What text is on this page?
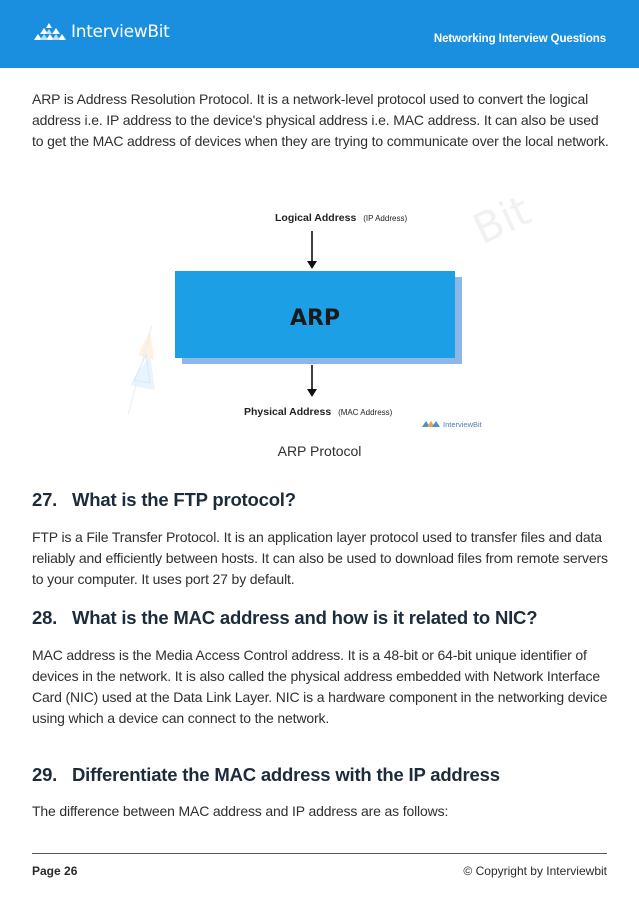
InterviewBit	Networking Interview Questions

ARP is Address Resolution Protocol. It is a network-level protocol used to convert the logical address i.e. IP address to the device's physical address i.e. MAC address. It can also be used to get the MAC address of devices when they are trying to communicate over the local network.

Bit
Logical Address (IP Address)
ARP
Physical Address (MAC Address)
InterviewBit
ARP Protocol
27. What is the FTP protocol?

FTP is a File Transfer Protocol. It is an application layer protocol used to transfer files and data reliably and efficiently between hosts. It can also be used to download files from remote servers to your computer. It uses port 27 by default.

28. What is the MAC address and how is it related to NIC?

MAC address is the Media Access Control address. It is a 48-bit or 64-bit unique identifier of devices in the network. It is also called the physical address embedded with Network Interface Card (NIC) used at the Data Link Layer. NIC is a hardware component in the networking device using which a device can connect to the network.

29. Differentiate the MAC address with the IP address

The difference between MAC address and IP address are as follows:

Page 26	© Copyright by Interviewbit
